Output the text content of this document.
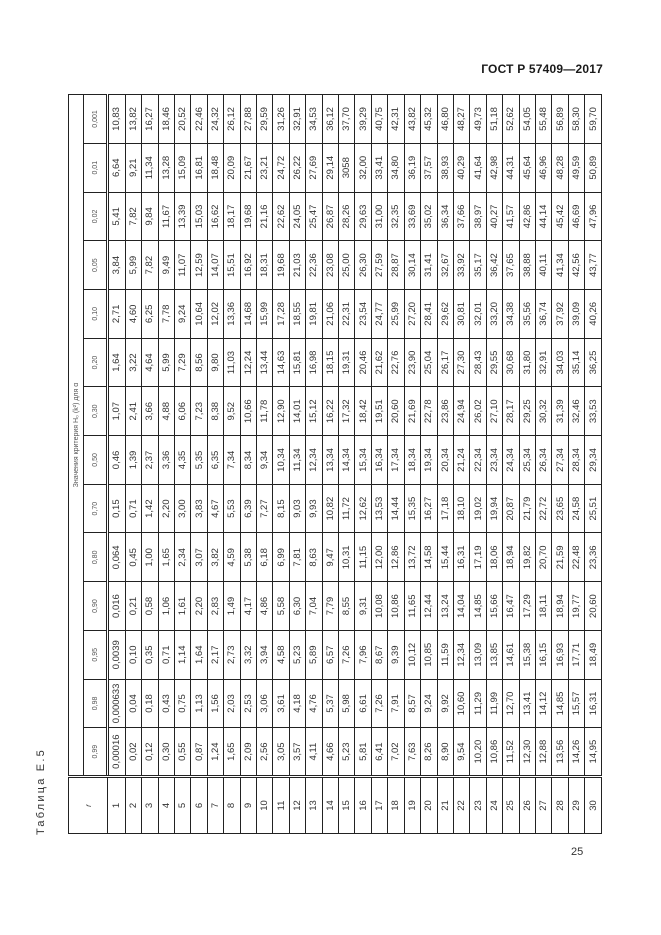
ГОСТ Р 57409—2017
Таблица Е.5	r	Значения критерия H₀ (k²) для α													
	0,99	0,98	0,95	0,90	0,80	0,70	0,50	0,30	0,20	0,10	0,05	0,02	0,01	0,001
1	0,00016	0,000633	0,0039	0,016	0,064	0,15	0,46	1,07	1,64	2,71	3,84	5,41	6,64	10,83
2	0,02	0,04	0,10	0,21	0,45	0,71	1,39	2,41	3,22	4,60	5,99	7,82	9,21	13,82
3	0,12	0,18	0,35	0,58	1,00	1,42	2,37	3,66	4,64	6,25	7,82	9,84	11,34	16,27
4	0,30	0,43	0,71	1,06	1,65	2,20	3,36	4,88	5,99	7,78	9,49	11,67	13,28	18,46
5	0,55	0,75	1,14	1,61	2,34	3,00	4,35	6,06	7,29	9,24	11,07	13,39	15,09	20,52
6	0,87	1,13	1,64	2,20	3,07	3,83	5,35	7,23	8,56	10,64	12,59	15,03	16,81	22,46
7	1,24	1,56	2,17	2,83	3,82	4,67	6,35	8,38	9,80	12,02	14,07	16,62	18,48	24,32
8	1,65	2,03	2,73	1,49	4,59	5,53	7,34	9,52	11,03	13,36	15,51	18,17	20,09	26,12
9	2,09	2,53	3,32	4,17	5,38	6,39	8,34	10,66	12,24	14,68	16,92	19,68	21,67	27,88
10	2,56	3,06	3,94	4,86	6,18	7,27	9,34	11,78	13,44	15,99	18,31	21,16	23,21	29,59
11	3,05	3,61	4,58	5,58	6,99	8,15	10,34	12,90	14,63	17,28	19,68	22,62	24,72	31,26
12	3,57	4,18	5,23	6,30	7,81	9,03	11,34	14,01	15,81	18,55	21,03	24,05	26,22	32,91
13	4,11	4,76	5,89	7,04	8,63	9,93	12,34	15,12	16,98	19,81	22,36	25,47	27,69	34,53
14	4,66	5,37	6,57	7,79	9,47	10,82	13,34	16,22	18,15	21,06	23,08	26,87	29,14	36,12
15	5,23	5,98	7,26	8,55	10,31	11,72	14,34	17,32	19,31	22,31	25,00	28,26	3058	37,70
16	5,81	6,61	7,96	9,31	11,15	12,62	15,34	18,42	20,46	23,54	26,30	29,63	32,00	39,29
17	6,41	7,26	8,67	10,08	12,00	13,53	16,34	19,51	21,62	24,77	27,59	31,00	33,41	40,75
18	7,02	7,91	9,39	10,86	12,86	14,44	17,34	20,60	22,76	25,99	28,87	32,35	34,80	42,31
19	7,63	8,57	10,12	11,65	13,72	15,35	18,34	21,69	23,90	27,20	30,14	33,69	36,19	43,82
20	8,26	9,24	10,85	12,44	14,58	16,27	19,34	22,78	25,04	28,41	31,41	35,02	37,57	45,32
21	8,90	9,92	11,59	13,24	15,44	17,18	20,34	23,86	26,17	29,62	32,67	36,34	38,93	46,80
22	9,54	10,60	12,34	14,04	16,31	18,10	21,24	24,94	27,30	30,81	33,92	37,66	40,29	48,27
23	10,20	11,29	13,09	14,85	17,19	19,02	22,34	26,02	28,43	32,01	35,17	38,97	41,64	49,73
24	10,86	11,99	13,85	15,66	18,06	19,94	23,34	27,10	29,55	33,20	36,42	40,27	42,98	51,18
25	11,52	12,70	14,61	16,47	18,94	20,87	24,34	28,17	30,68	34,38	37,65	41,57	44,31	52,62
26	12,30	13,41	15,38	17,29	19,82	21,79	25,34	29,25	31,80	35,56	38,88	42,86	45,64	54,05
27	12,88	14,12	16,15	18,11	20,70	22,72	26,34	30,32	32,91	36,74	40,11	44,14	46,96	55,48
28	13,56	14,85	16,93	18,94	21,59	23,65	27,34	31,39	34,03	37,92	41,34	45,42	48,28	56,89
29	14,26	15,57	17,71	19,77	22,48	24,58	28,34	32,46	35,14	39,09	42,56	46,69	49,59	58,30
30	14,95	16,31	18,49	20,60	23,36	25,51	29,34	33,53	36,25	40,26	43,77	47,96	50,89	59,70
25
